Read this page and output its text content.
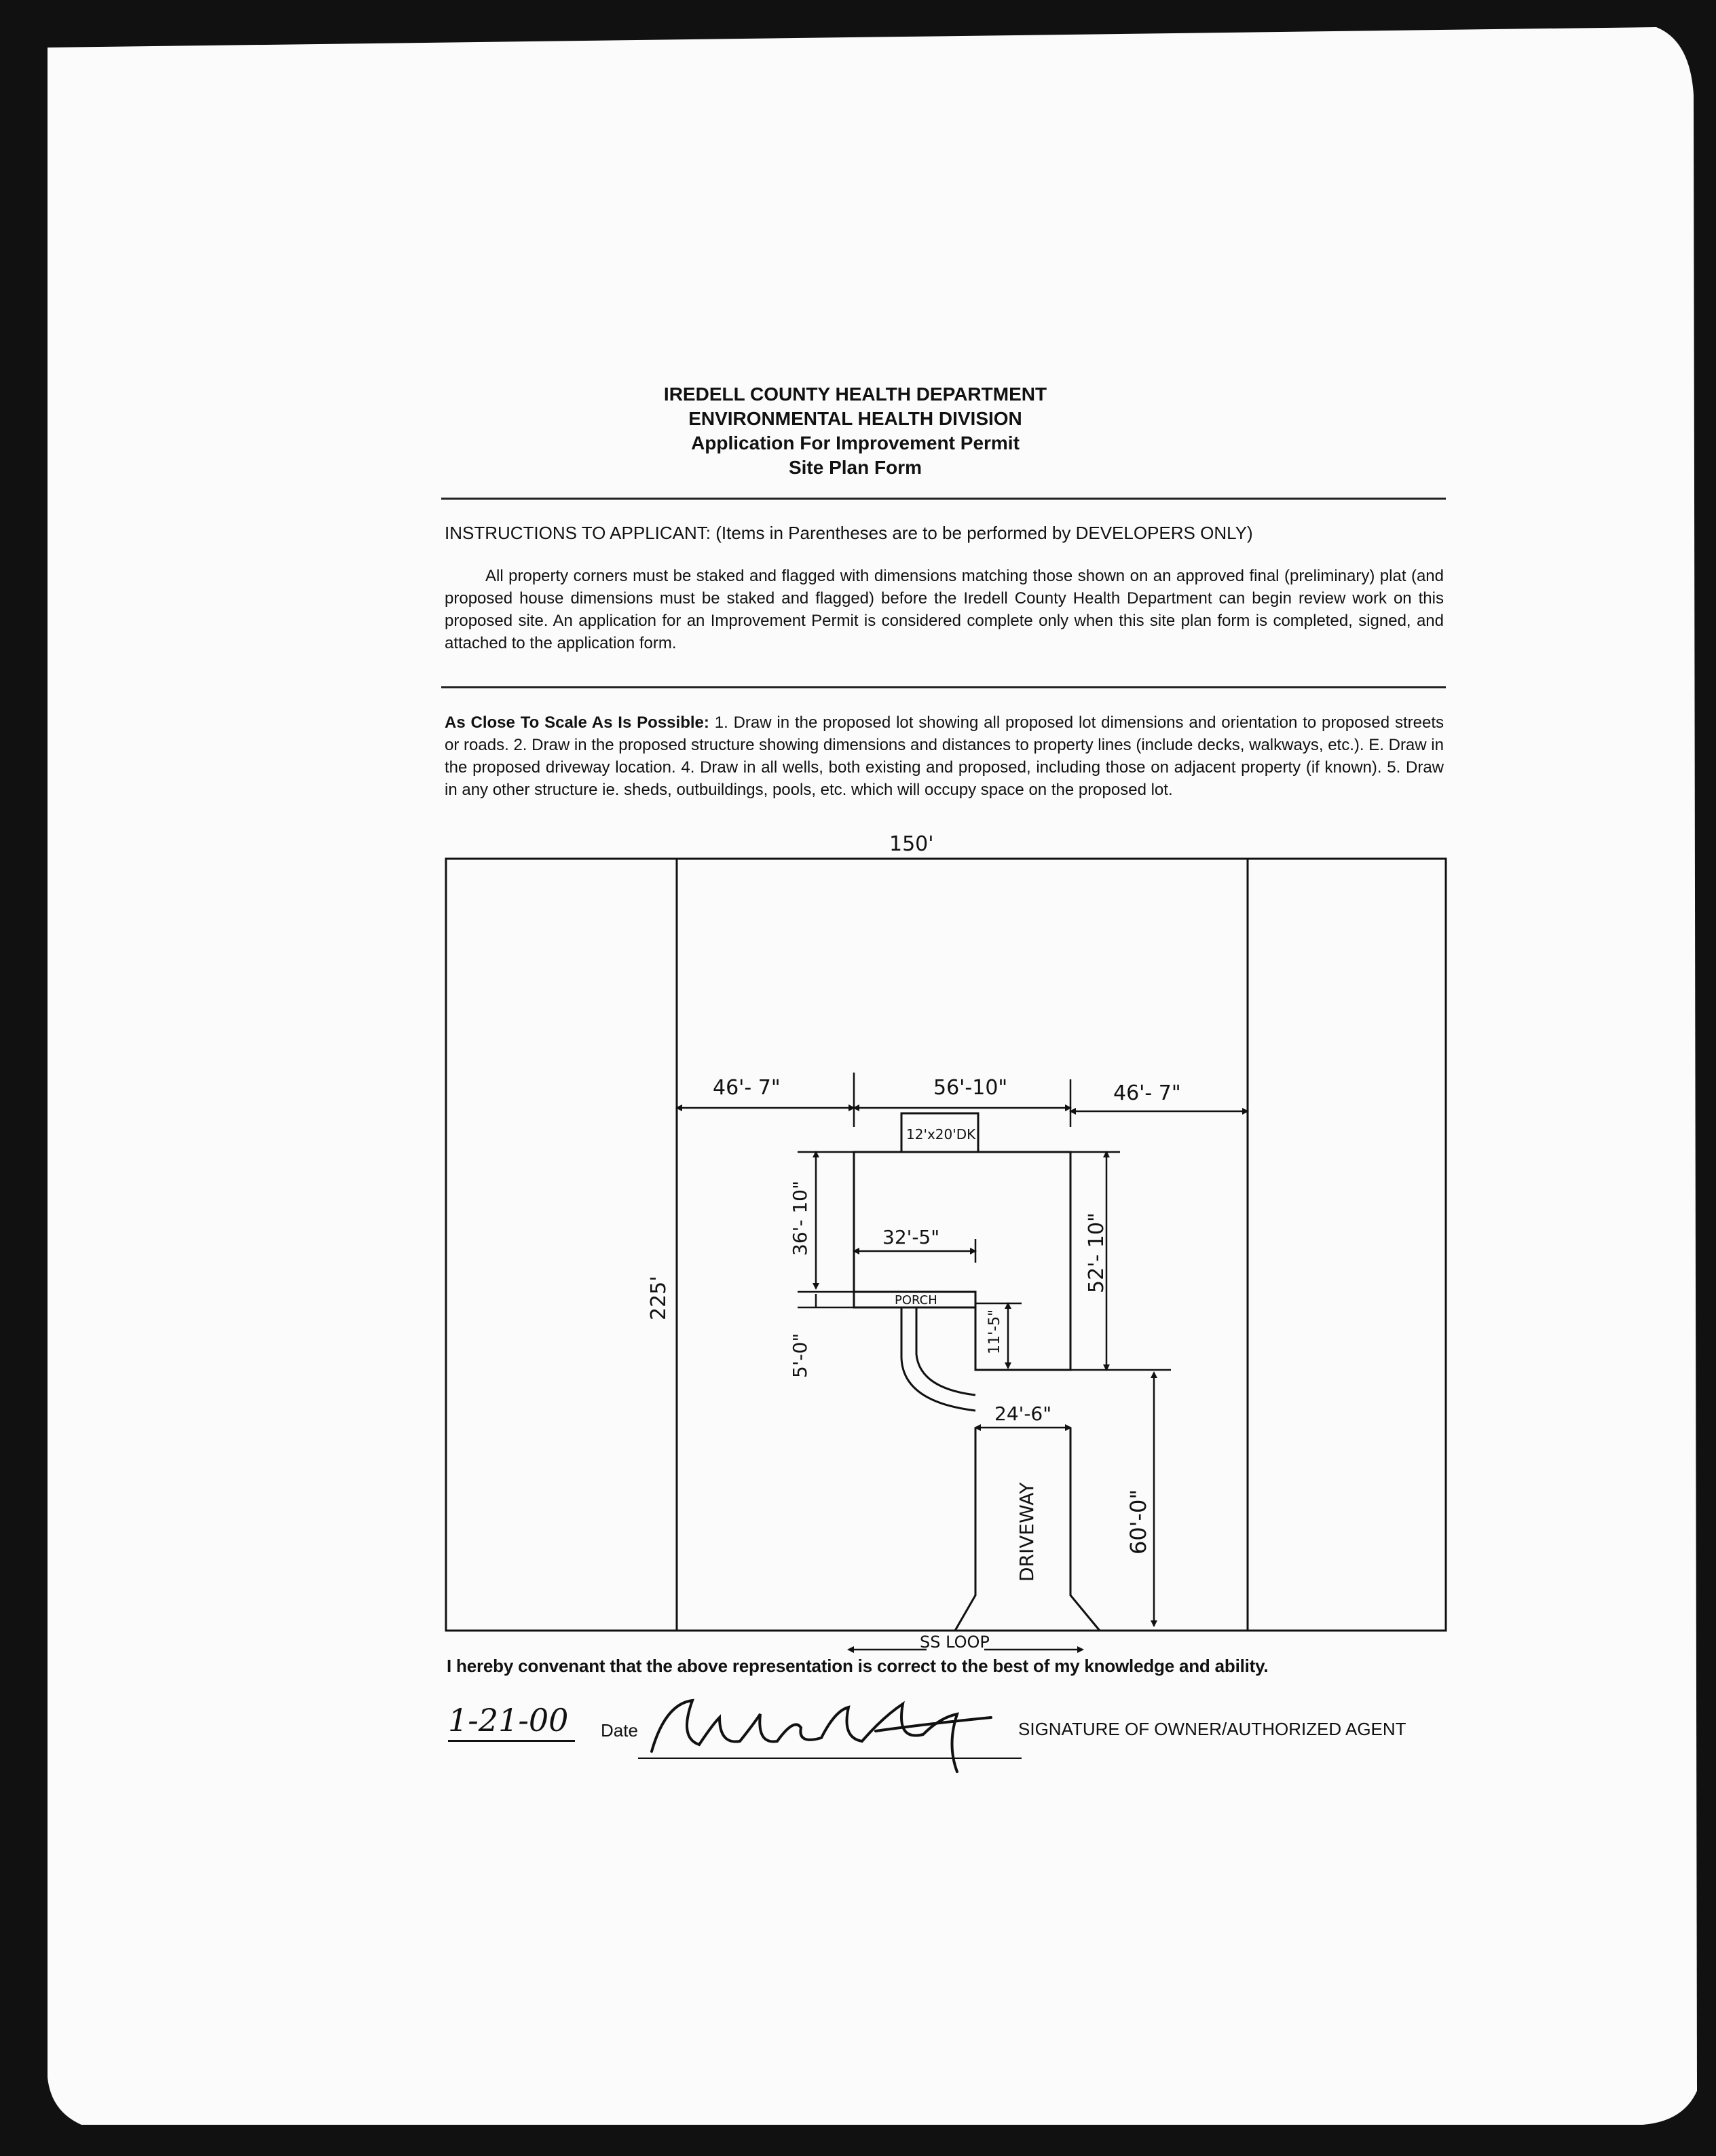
IREDELL COUNTY HEALTH DEPARTMENT
ENVIRONMENTAL HEALTH DIVISION
Application For Improvement Permit
Site Plan Form
INSTRUCTIONS TO APPLICANT: (Items in Parentheses are to be performed by DEVELOPERS ONLY)
All property corners must be staked and flagged with dimensions matching those shown on an approved final (preliminary) plat (and proposed house dimensions must be staked and flagged) before the Iredell County Health Department can begin review work on this proposed site. An application for an Improvement Permit is considered complete only when this site plan form is completed, signed, and attached to the application form.
As Close To Scale As Is Possible: 1. Draw in the proposed lot showing all proposed lot dimensions and orientation to proposed streets or roads. 2. Draw in the proposed structure showing dimensions and distances to property lines (include decks, walkways, etc.). E. Draw in the proposed driveway location. 4. Draw in all wells, both existing and proposed, including those on adjacent property (if known). 5. Draw in any other structure ie. sheds, outbuildings, pools, etc. which will occupy space on the proposed lot.
150'
225'
46'- 7"	56'-10"	46'- 7"
12'x20'DK
36'- 10"	32'-5"
PORCH
5'-0"
52'- 10"
11'-5"
24'-6"
DRIVEWAY	60'-0"
SS LOOP
I hereby convenant that the above representation is correct to the best of my knowledge and ability.
1-21-00	Date	SIGNATURE OF OWNER/AUTHORIZED AGENT
